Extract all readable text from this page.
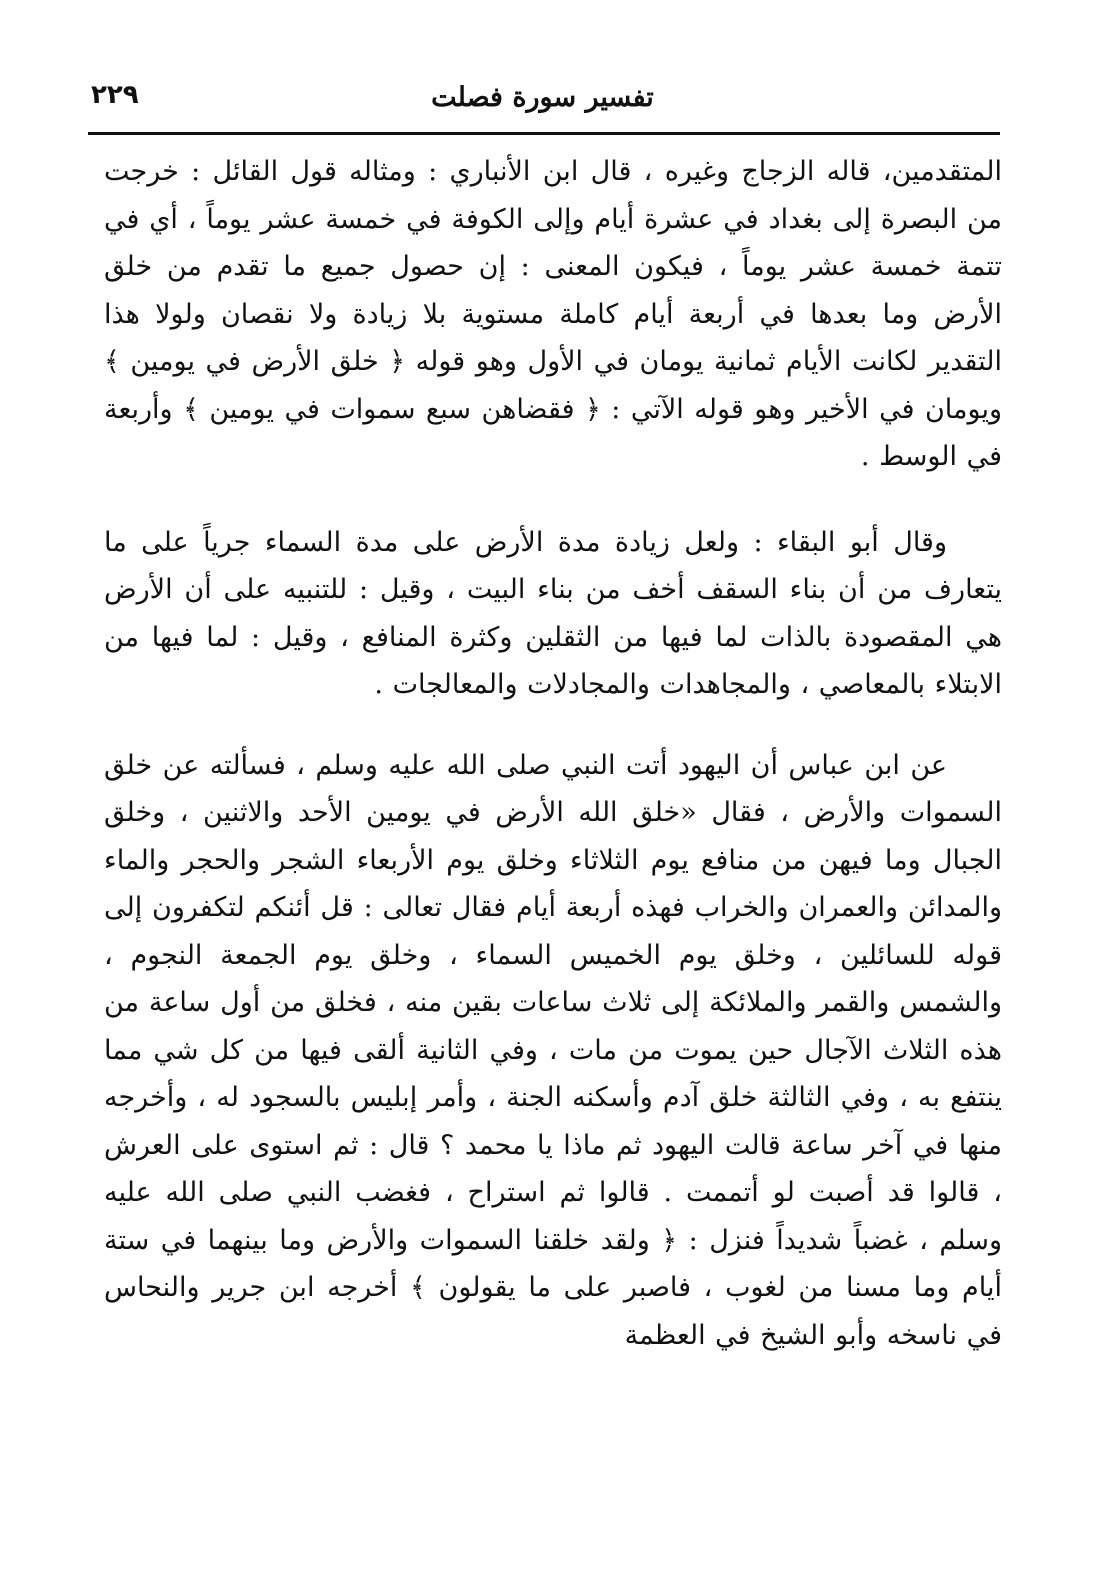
٢٢٩	تفسير سورة فصلت

المتقدمين، قاله الزجاج وغيره ، قال ابن الأنباري : ومثاله قول القائل : خرجت من البصرة إلى بغداد في عشرة أيام وإلى الكوفة في خمسة عشر يوماً ، أي في تتمة خمسة عشر يوماً ، فيكون المعنى : إن حصول جميع ما تقدم من خلق الأرض وما بعدها في أربعة أيام كاملة مستوية بلا زيادة ولا نقصان ولولا هذا التقدير لكانت الأيام ثمانية يومان في الأول وهو قوله ﴿ خلق الأرض في يومين ﴾ ويومان في الأخير وهو قوله الآتي : ﴿ فقضاهن سبع سموات في يومين ﴾ وأربعة في الوسط .

وقال أبو البقاء : ولعل زيادة مدة الأرض على مدة السماء جرياً على ما يتعارف من أن بناء السقف أخف من بناء البيت ، وقيل : للتنبيه على أن الأرض هي المقصودة بالذات لما فيها من الثقلين وكثرة المنافع ، وقيل : لما فيها من الابتلاء بالمعاصي ، والمجاهدات والمجادلات والمعالجات .

عن ابن عباس أن اليهود أتت النبي صلى الله عليه وسلم ، فسألته عن خلق السموات والأرض ، فقال «خلق الله الأرض في يومين الأحد والاثنين ، وخلق الجبال وما فيهن من منافع يوم الثلاثاء وخلق يوم الأربعاء الشجر والحجر والماء والمدائن والعمران والخراب فهذه أربعة أيام فقال تعالى : قل أئنكم لتكفرون إلى قوله للسائلين ، وخلق يوم الخميس السماء ، وخلق يوم الجمعة النجوم ، والشمس والقمر والملائكة إلى ثلاث ساعات بقين منه ، فخلق من أول ساعة من هذه الثلاث الآجال حين يموت من مات ، وفي الثانية ألقى فيها من كل شي مما ينتفع به ، وفي الثالثة خلق آدم وأسكنه الجنة ، وأمر إبليس بالسجود له ، وأخرجه منها في آخر ساعة قالت اليهود ثم ماذا يا محمد ؟ قال : ثم استوى على العرش ، قالوا قد أصبت لو أتممت . قالوا ثم استراح ، فغضب النبي صلى الله عليه وسلم ، غضباً شديداً فنزل : ﴿ ولقد خلقنا السموات والأرض وما بينهما في ستة أيام وما مسنا من لغوب ، فاصبر على ما يقولون ﴾ أخرجه ابن جرير والنحاس في ناسخه وأبو الشيخ في العظمة
